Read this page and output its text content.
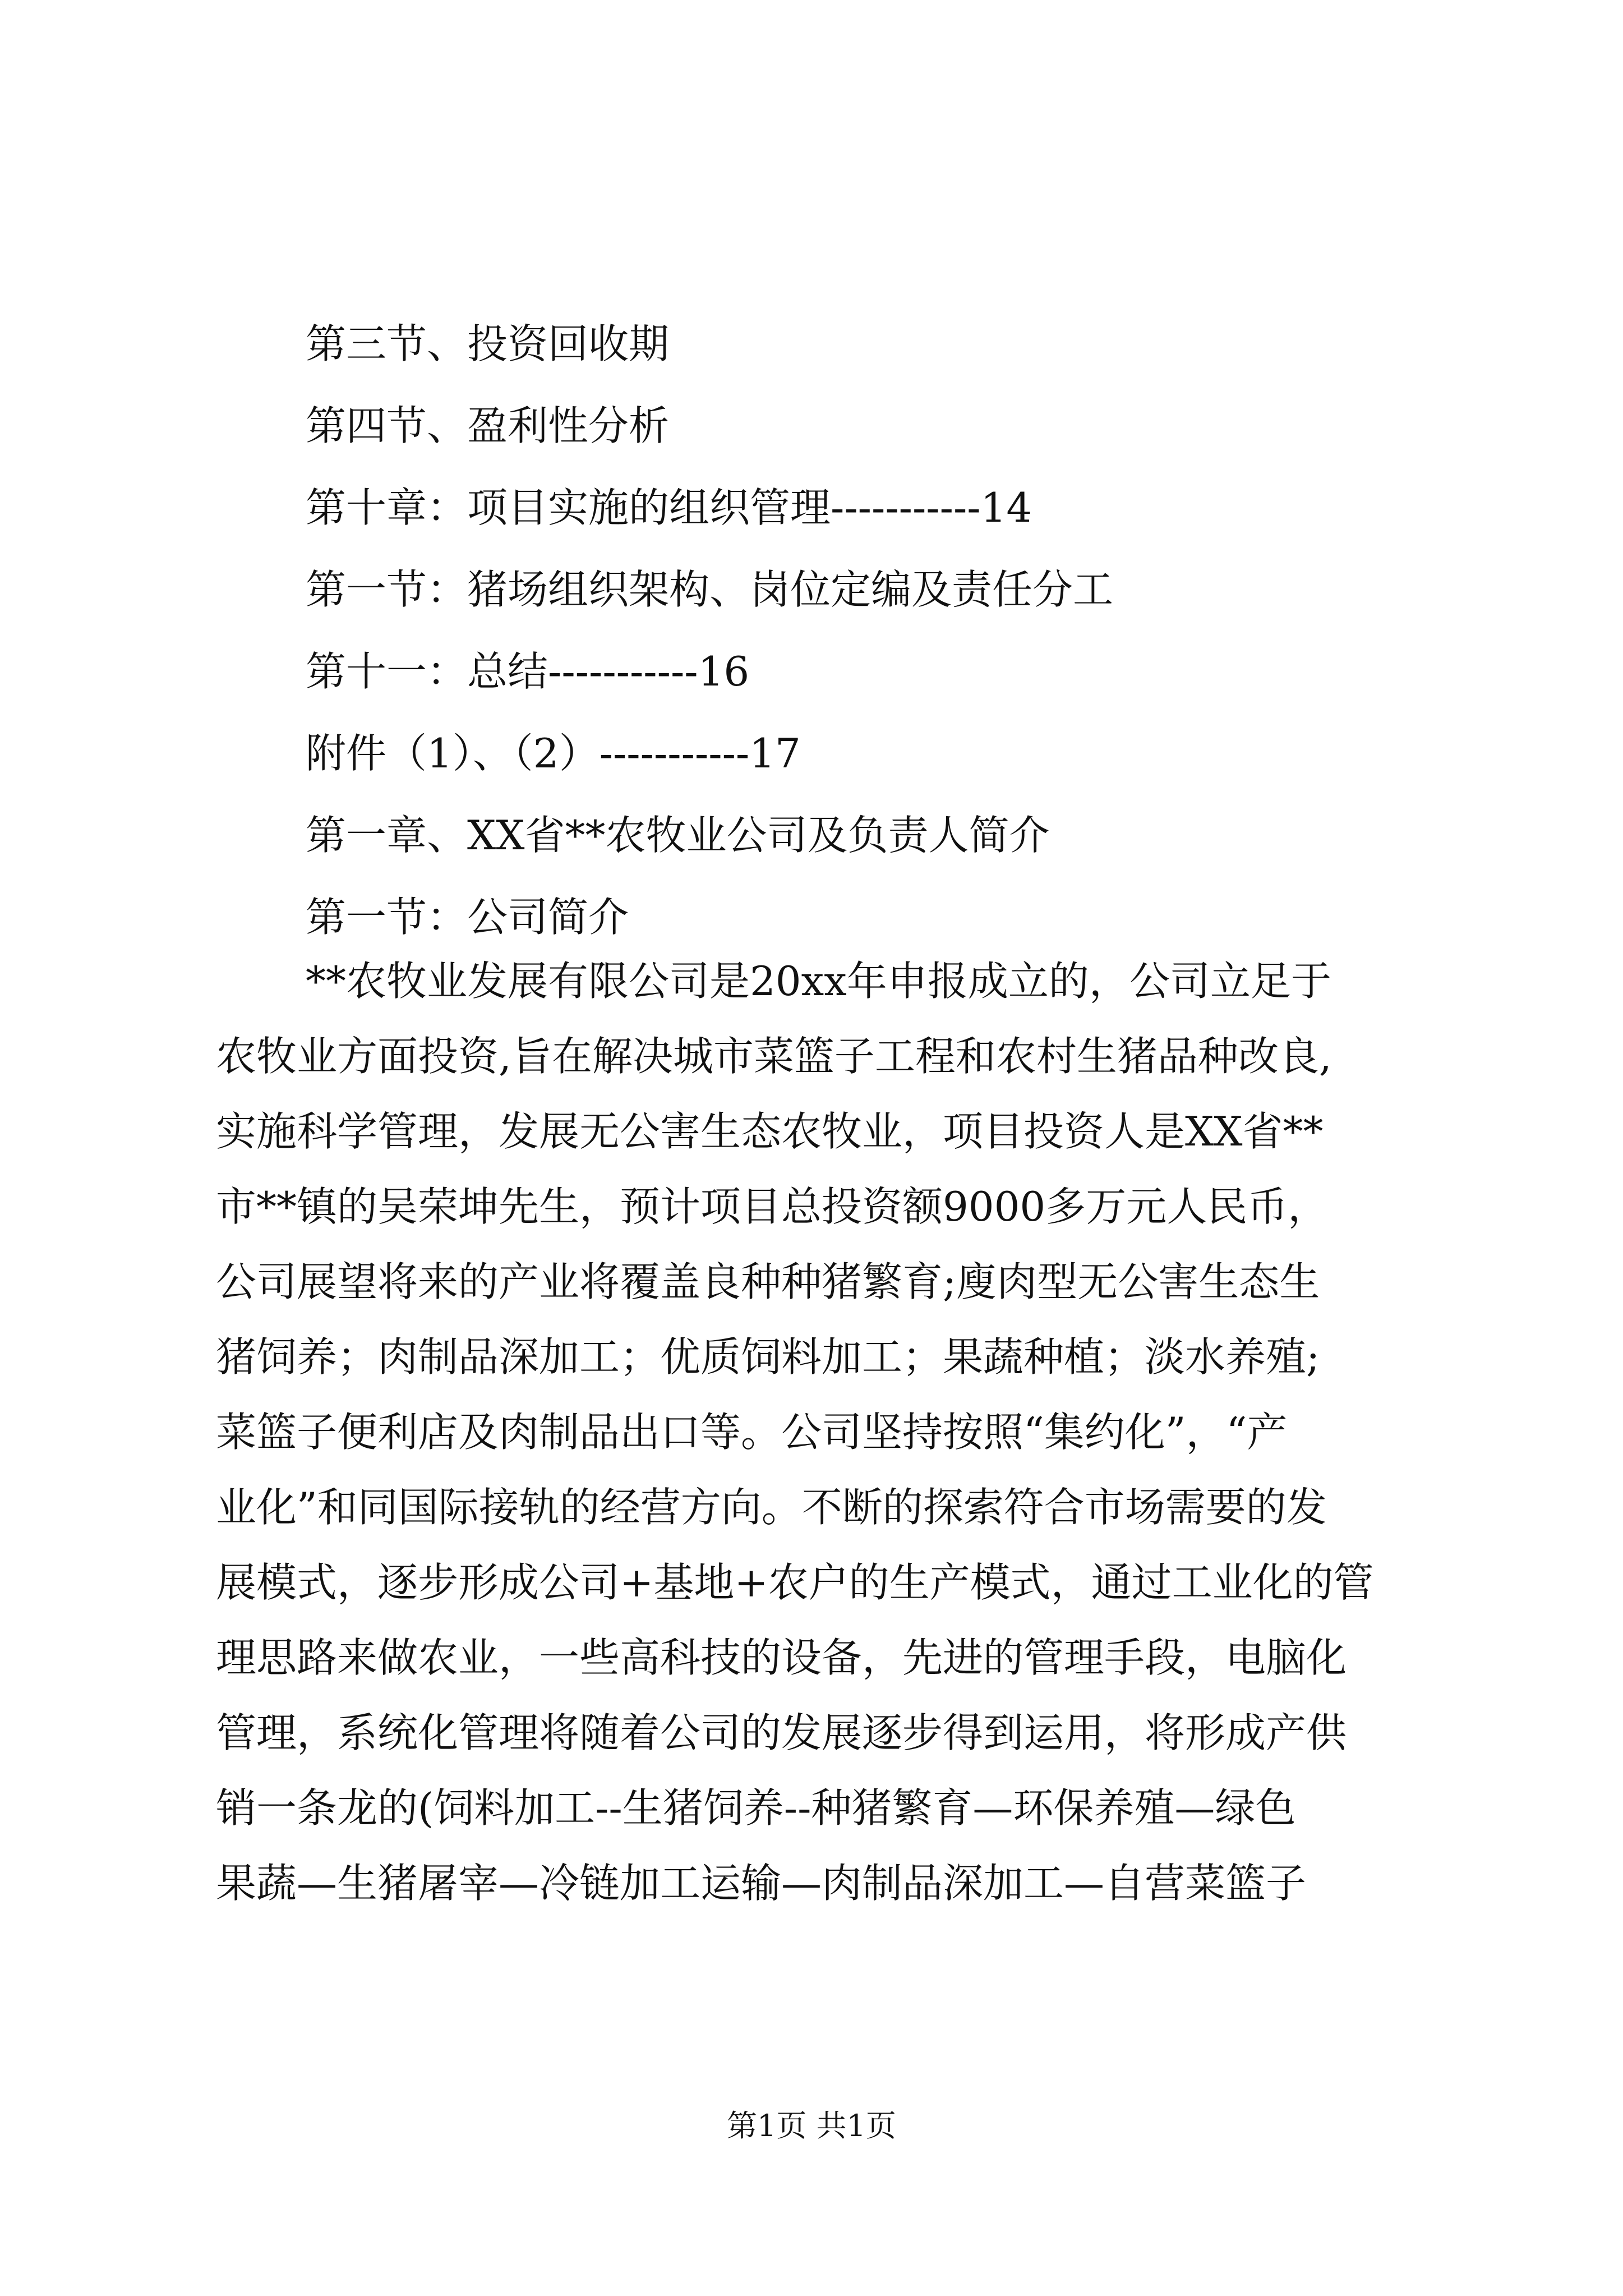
第三节、投资回收期
第四节、盈利性分析
第十章：项目实施的组织管理-----------14
第一节：猪场组织架构、岗位定编及责任分工
第十一：总结-----------16
附件（1）、（2）-----------17
第一章、XX省**农牧业公司及负责人简介
第一节：公司简介
**农牧业发展有限公司是20xx年申报成立的，公司立足于
农牧业方面投资,旨在解决城市菜篮子工程和农村生猪品种改良,
实施科学管理，发展无公害生态农牧业，项目投资人是XX省**
市**镇的吴荣坤先生，预计项目总投资额9000多万元人民币，
公司展望将来的产业将覆盖良种种猪繁育;廋肉型无公害生态生
猪饲养；肉制品深加工；优质饲料加工；果蔬种植；淡水养殖;
菜篮子便利店及肉制品出口等。公司坚持按照“集约化”，“产
业化”和同国际接轨的经营方向。不断的探索符合市场需要的发
展模式，逐步形成公司+基地+农户的生产模式，通过工业化的管
理思路来做农业，一些高科技的设备，先进的管理手段，电脑化
管理，系统化管理将随着公司的发展逐步得到运用，将形成产供
销一条龙的(饲料加工--生猪饲养--种猪繁育—环保养殖—绿色
果蔬—生猪屠宰—冷链加工运输—肉制品深加工—自营菜篮子
第1页 共1页
